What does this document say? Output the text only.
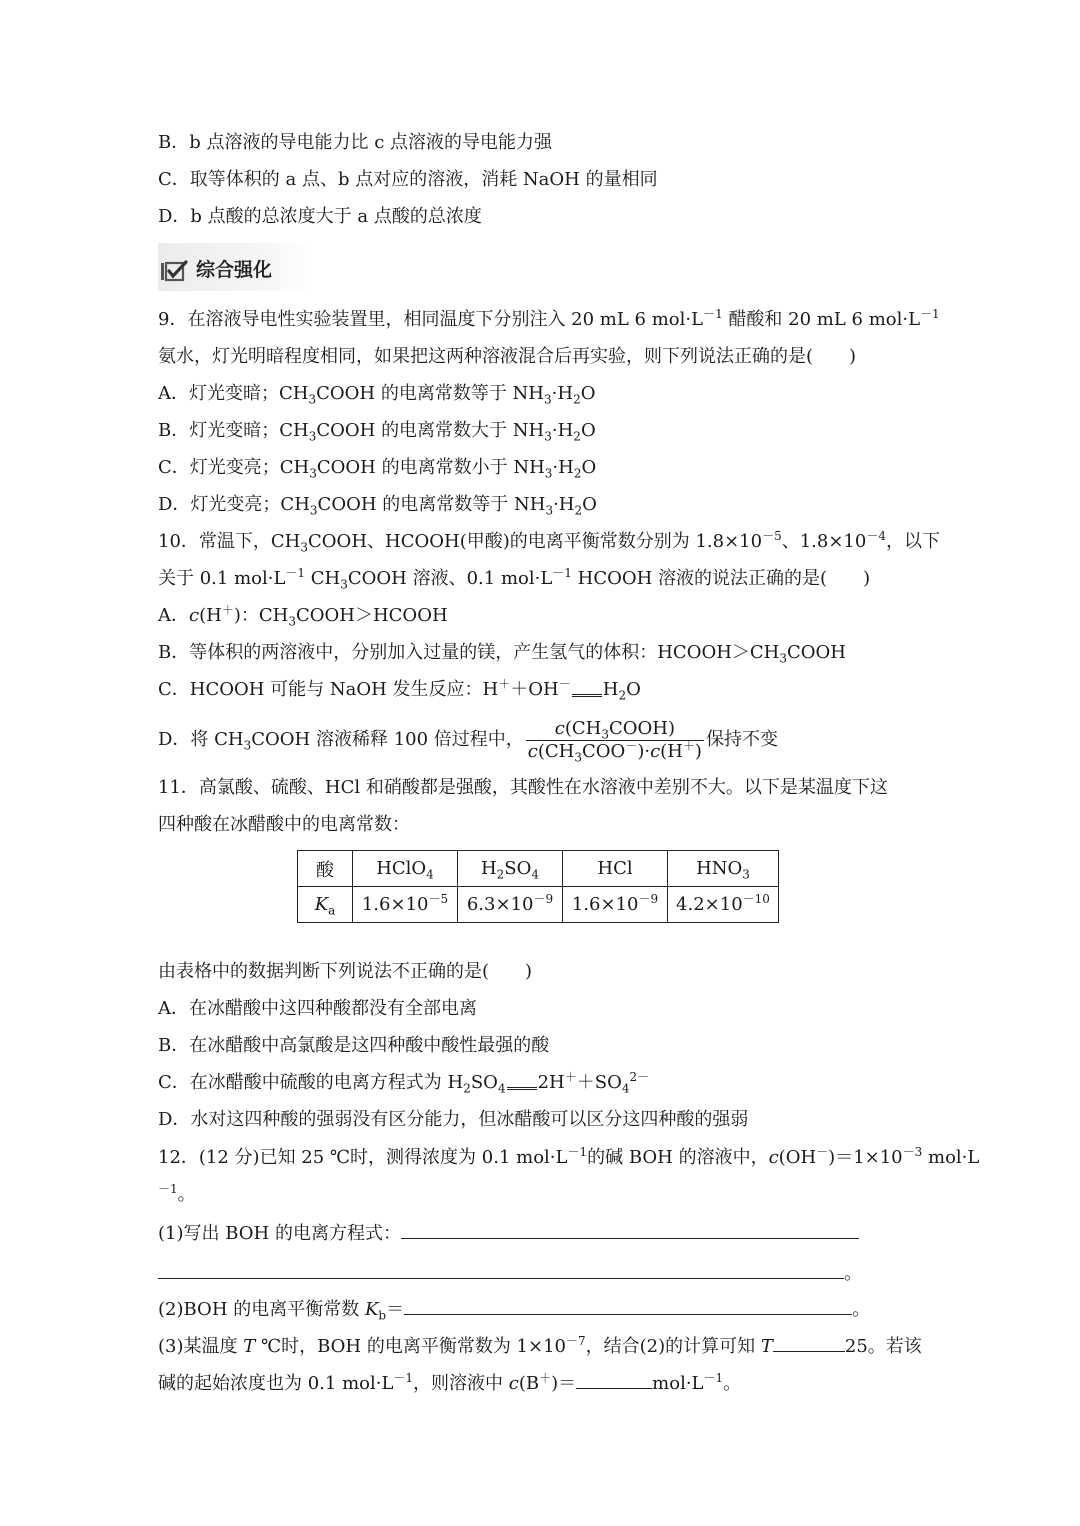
B．b 点溶液的导电能力比 c 点溶液的导电能力强
C．取等体积的 a 点、b 点对应的溶液，消耗 NaOH 的量相同
D．b 点酸的总浓度大于 a 点酸的总浓度
综合强化
9．在溶液导电性实验装置里，相同温度下分别注入 20 mL 6 $mol\cdot L^{-1}$ 醋酸和 20 mL 6 $mol\cdot L^{-1}$
氨水，灯光明暗程度相同，如果把这两种溶液混合后再实验，则下列说法正确的是(　　)
A．灯光变暗；$CH_3COOH$ 的电离常数等于 $NH_3\cdot H_2O$
B．灯光变暗；$CH_3COOH$ 的电离常数大于 $NH_3\cdot H_2O$
C．灯光变亮；$CH_3COOH$ 的电离常数小于 $NH_3\cdot H_2O$
D．灯光变亮；$CH_3COOH$ 的电离常数等于 $NH_3\cdot H_2O$
10．常温下，$CH_3COOH$、HCOOH(甲酸)的电离平衡常数分别为 $1.8\times 10^{-5}$、$1.8\times 10^{-4}$，以下
关于 0.1 $mol\cdot L^{-1}$ $CH_3COOH$ 溶液、0.1 $mol\cdot L^{-1}$ HCOOH 溶液的说法正确的是(　　)
A．c(H＋)：$CH_3COOH>HCOOH$
B．等体积的两溶液中，分别加入过量的镁，产生氢气的体积：$HCOOH>CH_3COOH$
C．HCOOH 可能与 NaOH 发生反应：H＋＋OH－ $H_2O$
D．将 $CH_3COOH$ 溶液稀释 100 倍过程中， $\frac{c(CH_3COOH)}{c(CH_3COO^-)\cdot c(H^+)}$ 保持不变
11．高氯酸、硫酸、HCl 和硝酸都是强酸，其酸性在水溶液中差别不大。以下是某温度下这
四种酸在冰醋酸中的电离常数：
酸	HClO$_4$	$H_2SO_4$	HCl	$HNO_3$
$K_a$	$1.6\times 10^{-5}$	$6.3\times 10^{-9}$	$1.6\times 10^{-9}$	$4.2\times 10^{-10}$
由表格中的数据判断下列说法不正确的是(　　)
A．在冰醋酸中这四种酸都没有全部电离
B．在冰醋酸中高氯酸是这四种酸中酸性最强的酸
C．在冰醋酸中硫酸的电离方程式为 $H_2SO_4$ $2H^++SO_4^{2-}$
D．水对这四种酸的强弱没有区分能力，但冰醋酸可以区分这四种酸的强弱
12．(12 分)已知 25 ℃时，测得浓度为 0.1 $mol\cdot L^{-1}$的碱 BOH 的溶液中，$c(OH^-)=1\times 10^{-3}$ mol·L
$^{-1}$。
(1)写出 BOH 的电离方程式：
。
(2)BOH 的电离平衡常数 $K_b=$	。
(3)某温度 T ℃时，BOH 的电离平衡常数为 $1\times 10^{-7}$，结合(2)的计算可知 T	25。若该
碱的起始浓度也为 0.1 $mol\cdot L^{-1}$，则溶液中 c(B＋)＝	$mol\cdot L^{-1}$。
